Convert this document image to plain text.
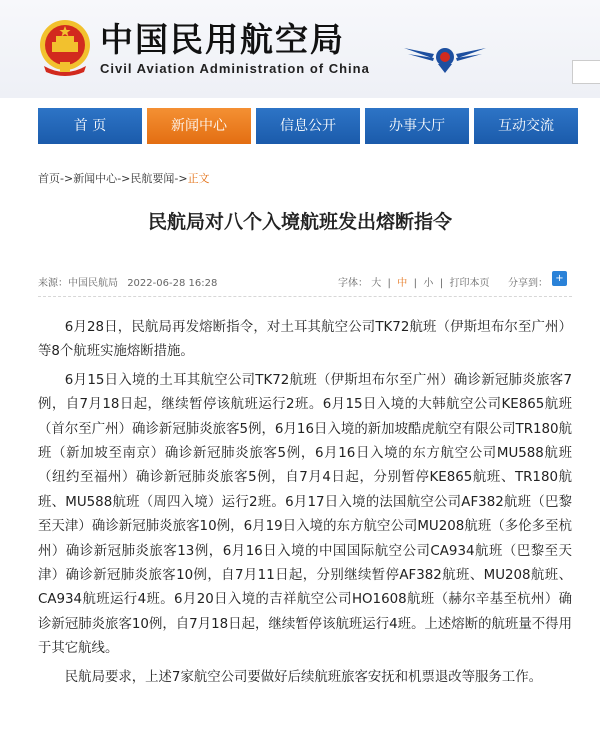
中国民用航空局
Civil Aviation Administration of China
首 页	新闻中心	信息公开	办事大厅	互动交流
首页->新闻中心->民航要闻->正文
民航局对八个入境航班发出熔断指令
来源：中国民航局 2022-06-28 16:28	字体： 大 | 中 | 小 | 打印本页 分享到： +

6月28日，民航局再发熔断指令，对土耳其航空公司TK72航班（伊斯坦布尔至广州）等8个航班实施熔断措施。

6月15日入境的土耳其航空公司TK72航班（伊斯坦布尔至广州）确诊新冠肺炎旅客7例，自7月18日起，继续暂停该航班运行2班。6月15日入境的大韩航空公司KE865航班（首尔至广州）确诊新冠肺炎旅客5例，6月16日入境的新加坡酷虎航空有限公司TR180航班（新加坡至南京）确诊新冠肺炎旅客5例，6月16日入境的东方航空公司MU588航班（纽约至福州）确诊新冠肺炎旅客5例，自7月4日起，分别暂停KE865航班、TR180航班、MU588航班（周四入境）运行2班。6月17日入境的法国航空公司AF382航班（巴黎至天津）确诊新冠肺炎旅客10例，6月19日入境的东方航空公司MU208航班（多伦多至杭州）确诊新冠肺炎旅客13例，6月16日入境的中国国际航空公司CA934航班（巴黎至天津）确诊新冠肺炎旅客10例，自7月11日起，分别继续暂停AF382航班、MU208航班、CA934航班运行4班。6月20日入境的吉祥航空公司HO1608航班（赫尔辛基至杭州）确诊新冠肺炎旅客10例，自7月18日起，继续暂停该航班运行4班。上述熔断的航班量不得用于其它航线。

民航局要求，上述7家航空公司要做好后续航班旅客安抚和机票退改等服务工作。
